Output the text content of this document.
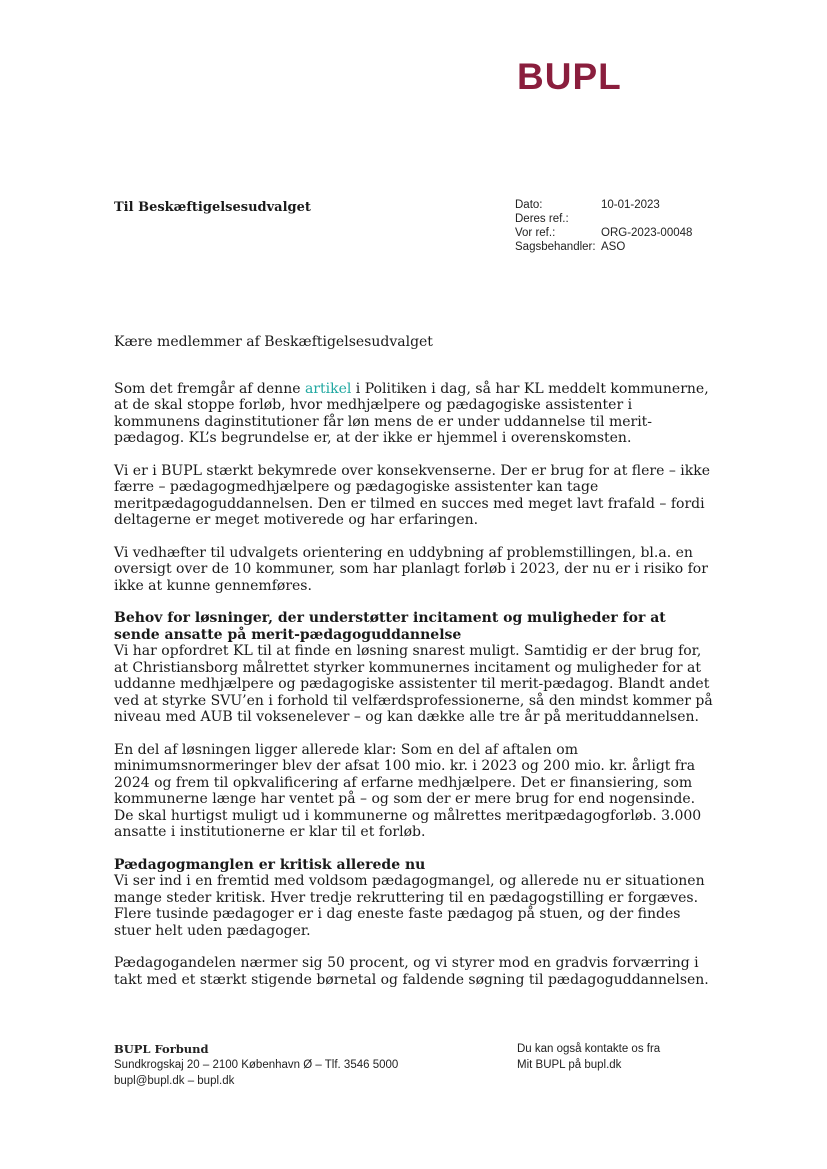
BUPL
Til Beskæftigelsesudvalget	Dato:	10-01-2023
Deres ref.:
Vor ref.:	ORG-2023-00048
Sagsbehandler: ASO

Kære medlemmer af Beskæftigelsesudvalget

Som det fremgår af denne artikel i Politiken i dag, så har KL meddelt kommunerne, at de skal stoppe forløb, hvor medhjælpere og pædagogiske assistenter i kommunens daginstitutioner får løn mens de er under uddannelse til merit-pædagog. KL’s begrundelse er, at der ikke er hjemmel i overenskomsten.

Vi er i BUPL stærkt bekymrede over konsekvenserne. Der er brug for at flere – ikke færre – pædagogmedhjælpere og pædagogiske assistenter kan tage meritpædagoguddannelsen. Den er tilmed en succes med meget lavt frafald – fordi deltagerne er meget motiverede og har erfaringen.

Vi vedhæfter til udvalgets orientering en uddybning af problemstillingen, bl.a. en oversigt over de 10 kommuner, som har planlagt forløb i 2023, der nu er i risiko for ikke at kunne gennemføres.

Behov for løsninger, der understøtter incitament og muligheder for at sende ansatte på merit-pædagoguddannelse

Vi har opfordret KL til at finde en løsning snarest muligt. Samtidig er der brug for, at Christiansborg målrettet styrker kommunernes incitament og muligheder for at uddanne medhjælpere og pædagogiske assistenter til merit-pædagog. Blandt andet ved at styrke SVU’en i forhold til velfærdsprofessionerne, så den mindst kommer på niveau med AUB til voksenelever – og kan dække alle tre år på merituddannelsen.

En del af løsningen ligger allerede klar: Som en del af aftalen om minimumsnormeringer blev der afsat 100 mio. kr. i 2023 og 200 mio. kr. årligt fra 2024 og frem til opkvalificering af erfarne medhjælpere. Det er finansiering, som kommunerne længe har ventet på – og som der er mere brug for end nogensinde. De skal hurtigst muligt ud i kommunerne og målrettes meritpædagogforløb. 3.000 ansatte i institutionerne er klar til et forløb.

Pædagogmanglen er kritisk allerede nu

Vi ser ind i en fremtid med voldsom pædagogmangel, og allerede nu er situationen mange steder kritisk. Hver tredje rekruttering til en pædagogstilling er forgæves. Flere tusinde pædagoger er i dag eneste faste pædagog på stuen, og der findes stuer helt uden pædagoger.

Pædagogandelen nærmer sig 50 procent, og vi styrer mod en gradvis forværring i takt med et stærkt stigende børnetal og faldende søgning til pædagoguddannelsen.

BUPL Forbund
Sundkrogskaj 20 – 2100 København Ø – Tlf. 3546 5000
bupl@bupl.dk – bupl.dk
Du kan også kontakte os fra
Mit BUPL på bupl.dk
